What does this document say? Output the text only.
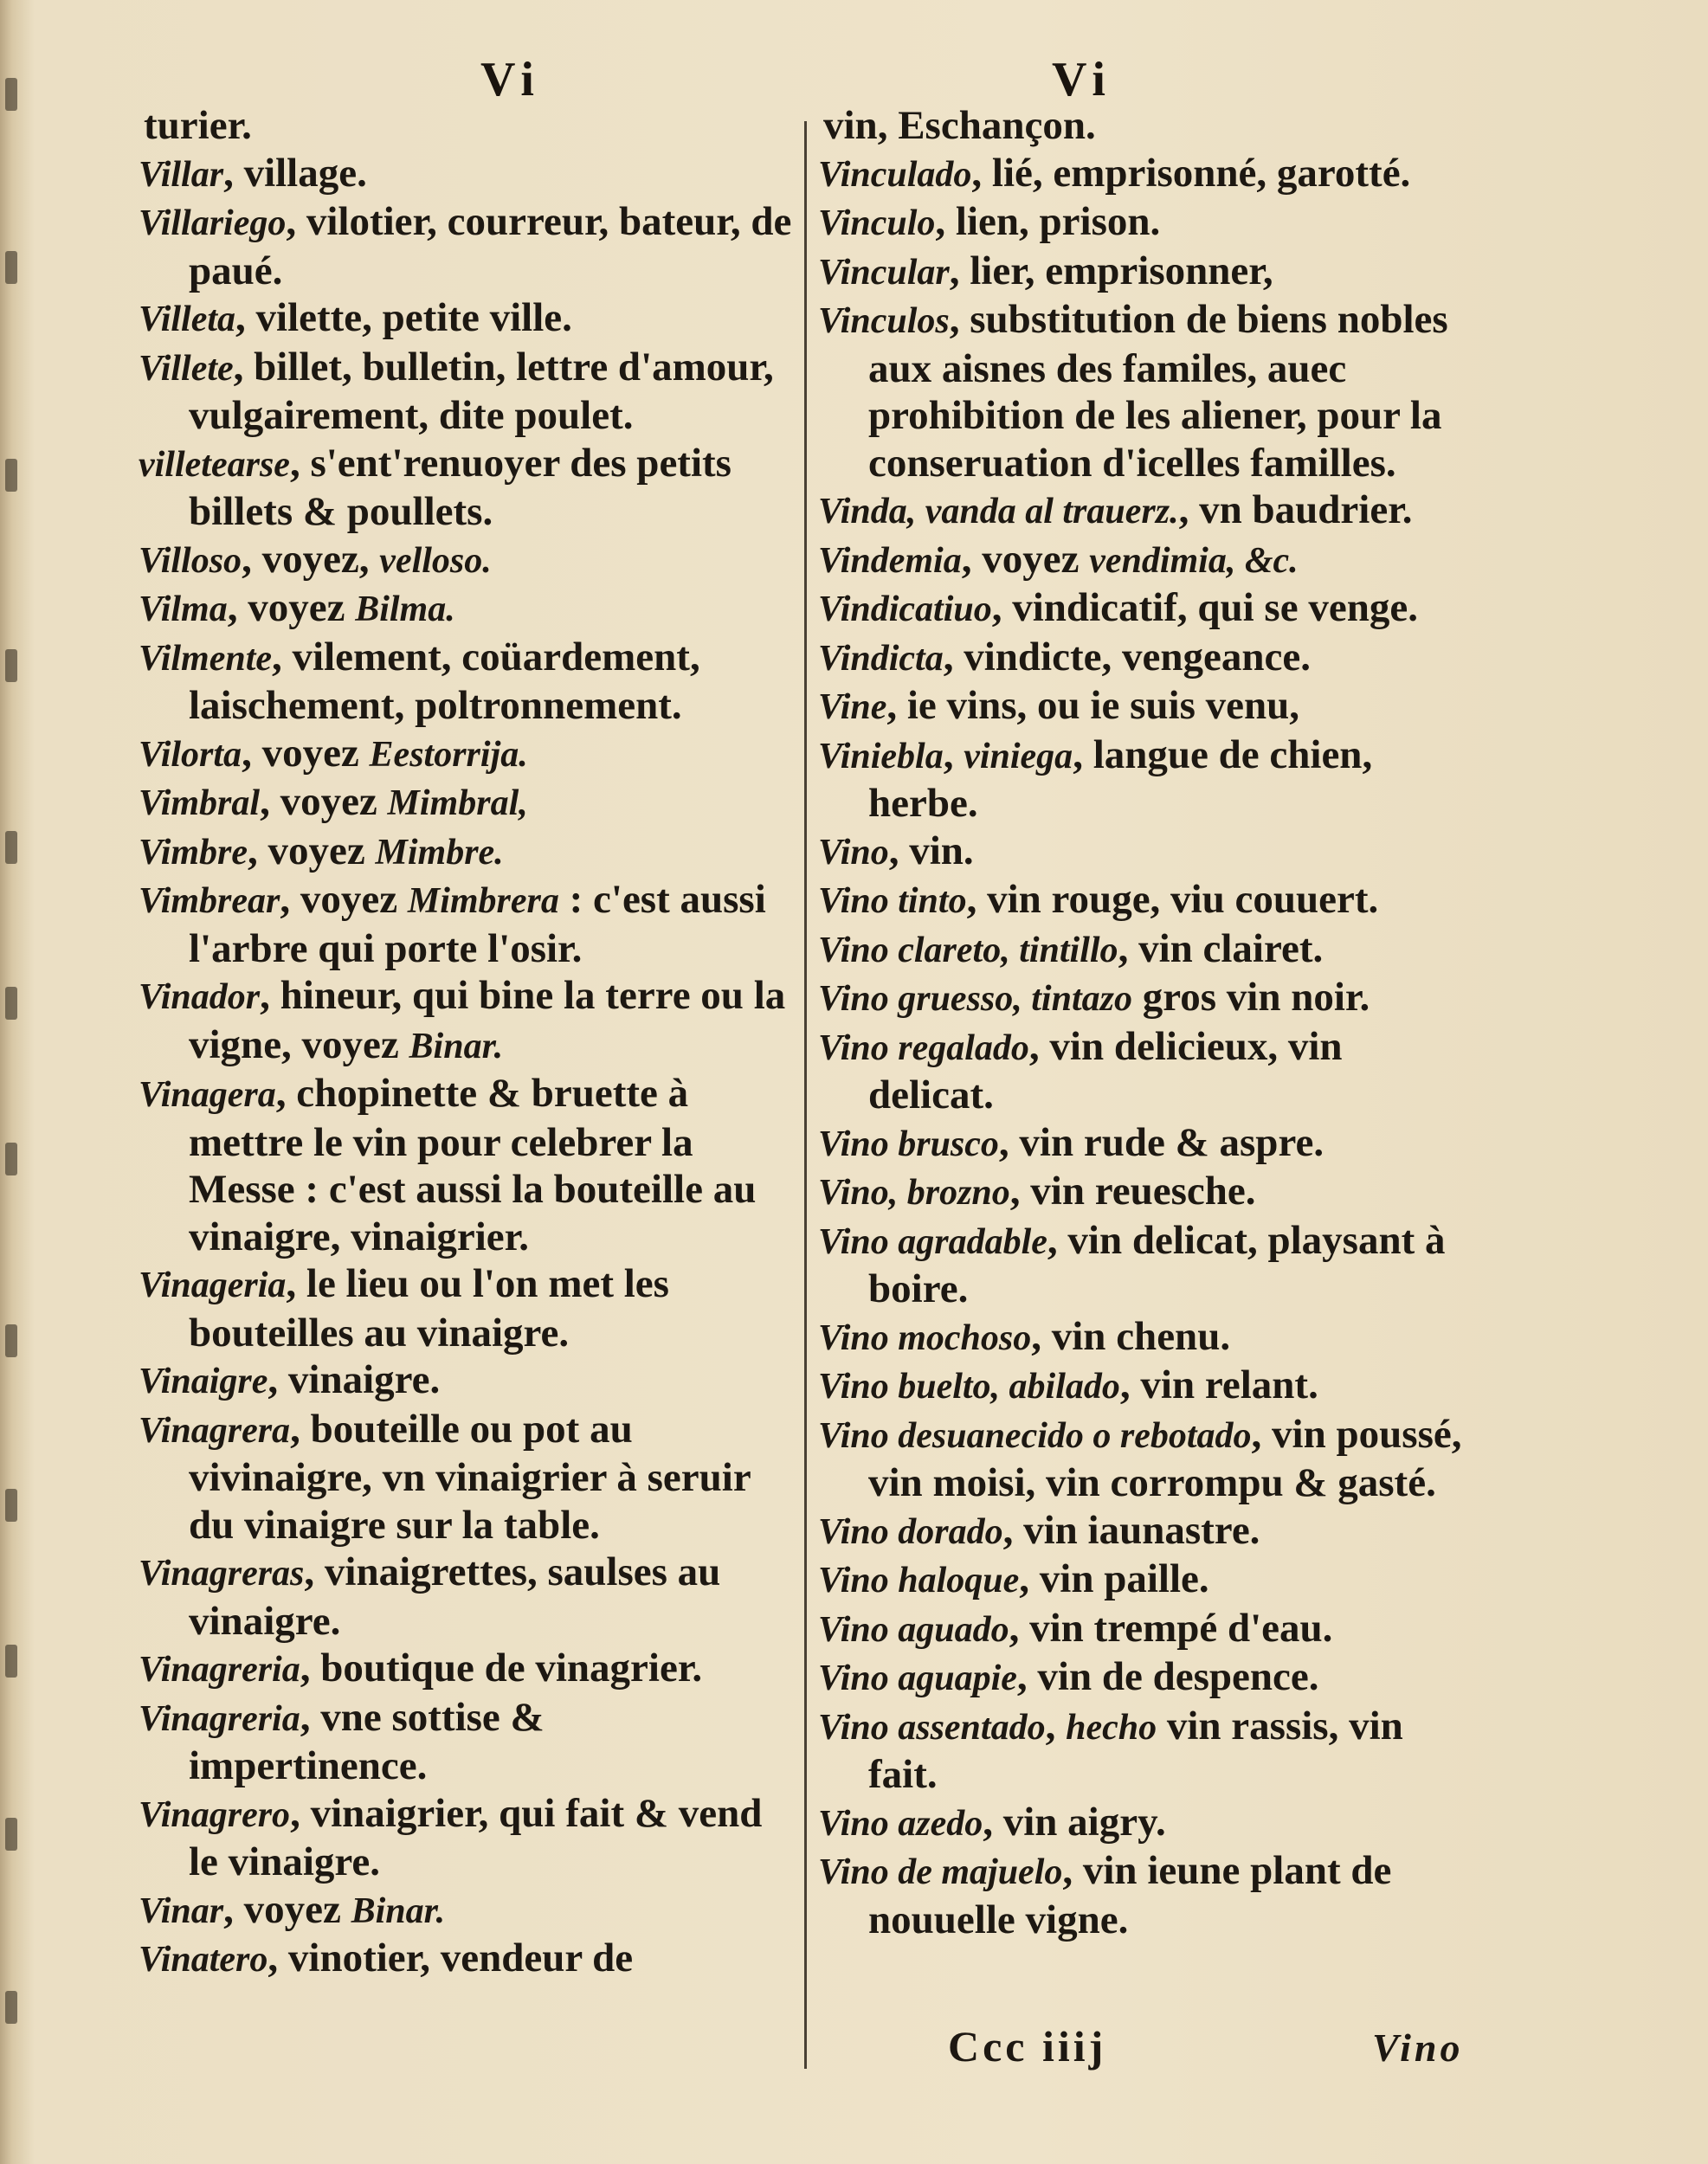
Vi	Vi

turier.

Villar, village.

Villariego, vilotier, courreur, bateur, de paué.

Villeta, vilette, petite ville.

Villete, billet, bulletin, lettre d'amour, vulgairement, dite poulet.

villetearse, s'ent'renuoyer des petits billets & poullets.

Villoso, voyez, velloso.

Vilma, voyez Bilma.

Vilmente, vilement, coüardement, laischement, poltronnement.

Vilorta, voyez Eestorrija.

Vimbral, voyez Mimbral,

Vimbre, voyez Mimbre.

Vimbrear, voyez Mimbrera : c'est aussi l'arbre qui porte l'osir.

Vinador, hineur, qui bine la terre ou la vigne, voyez Binar.

Vinagera, chopinette & bruette à mettre le vin pour celebrer la Messe : c'est aussi la bouteille au vinaigre, vinaigrier.

Vinageria, le lieu ou l'on met les bouteilles au vinaigre.

Vinaigre, vinaigre.

Vinagrera, bouteille ou pot au vivinaigre, vn vinaigrier à seruir du vinaigre sur la table.

Vinagreras, vinaigrettes, saulses au vinaigre.

Vinagreria, boutique de vinagrier.

Vinagreria, vne sottise & impertinence.

Vinagrero, vinaigrier, qui fait & vend le vinaigre.

Vinar, voyez Binar.

Vinatero, vinotier, vendeur de

vin, Eschançon.

Vinculado, lié, emprisonné, garotté.

Vinculo, lien, prison.

Vincular, lier, emprisonner,

Vinculos, substitution de biens nobles aux aisnes des familes, auec prohibition de les aliener, pour la conseruation d'icelles familles.

Vinda, vanda al trauerz., vn baudrier.

Vindemia, voyez vendimia, &c.

Vindicatiuo, vindicatif, qui se venge.

Vindicta, vindicte, vengeance.

Vine, ie vins, ou ie suis venu,

Viniebla, viniega, langue de chien, herbe.

Vino, vin.

Vino tinto, vin rouge, viu couuert.

Vino clareto, tintillo, vin clairet.

Vino gruesso, tintazo gros vin noir.

Vino regalado, vin delicieux, vin delicat.

Vino brusco, vin rude & aspre.

Vino, brozno, vin reuesche.

Vino agradable, vin delicat, playsant à boire.

Vino mochoso, vin chenu.

Vino buelto, abilado, vin relant.

Vino desuanecido o rebotado, vin poussé, vin moisi, vin corrompu & gasté.

Vino dorado, vin iaunastre.

Vino haloque, vin paille.

Vino aguado, vin trempé d'eau.

Vino aguapie, vin de despence.

Vino assentado, hecho vin rassis, vin fait.

Vino azedo, vin aigry.

Vino de majuelo, vin ieune plant de nouuelle vigne.

Ccc iiij	Vino
